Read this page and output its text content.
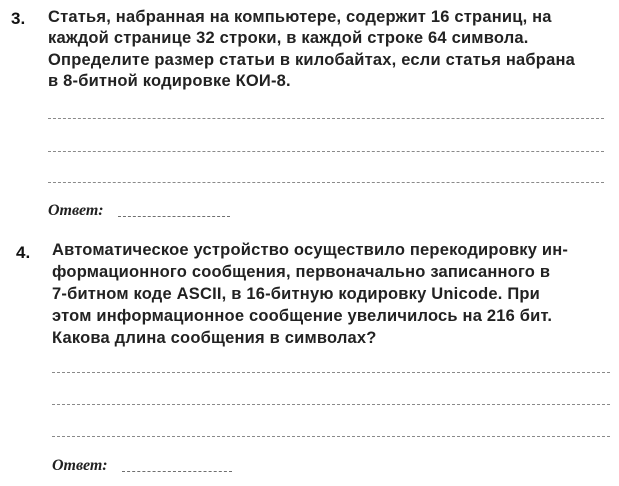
3. Статья, набранная на компьютере, содержит 16 страниц, на
каждой странице 32 строки, в каждой строке 64 символа.
Определите размер статьи в килобайтах, если статья набрана
в 8-битной кодировке КОИ-8.
Ответ:
4. Автоматическое устройство осуществило перекодировку ин-
формационного сообщения, первоначально записанного в
7-битном коде ASCII, в 16-битную кодировку Unicode. При
этом информационное сообщение увеличилось на 216 бит.
Какова длина сообщения в символах?
Ответ:
